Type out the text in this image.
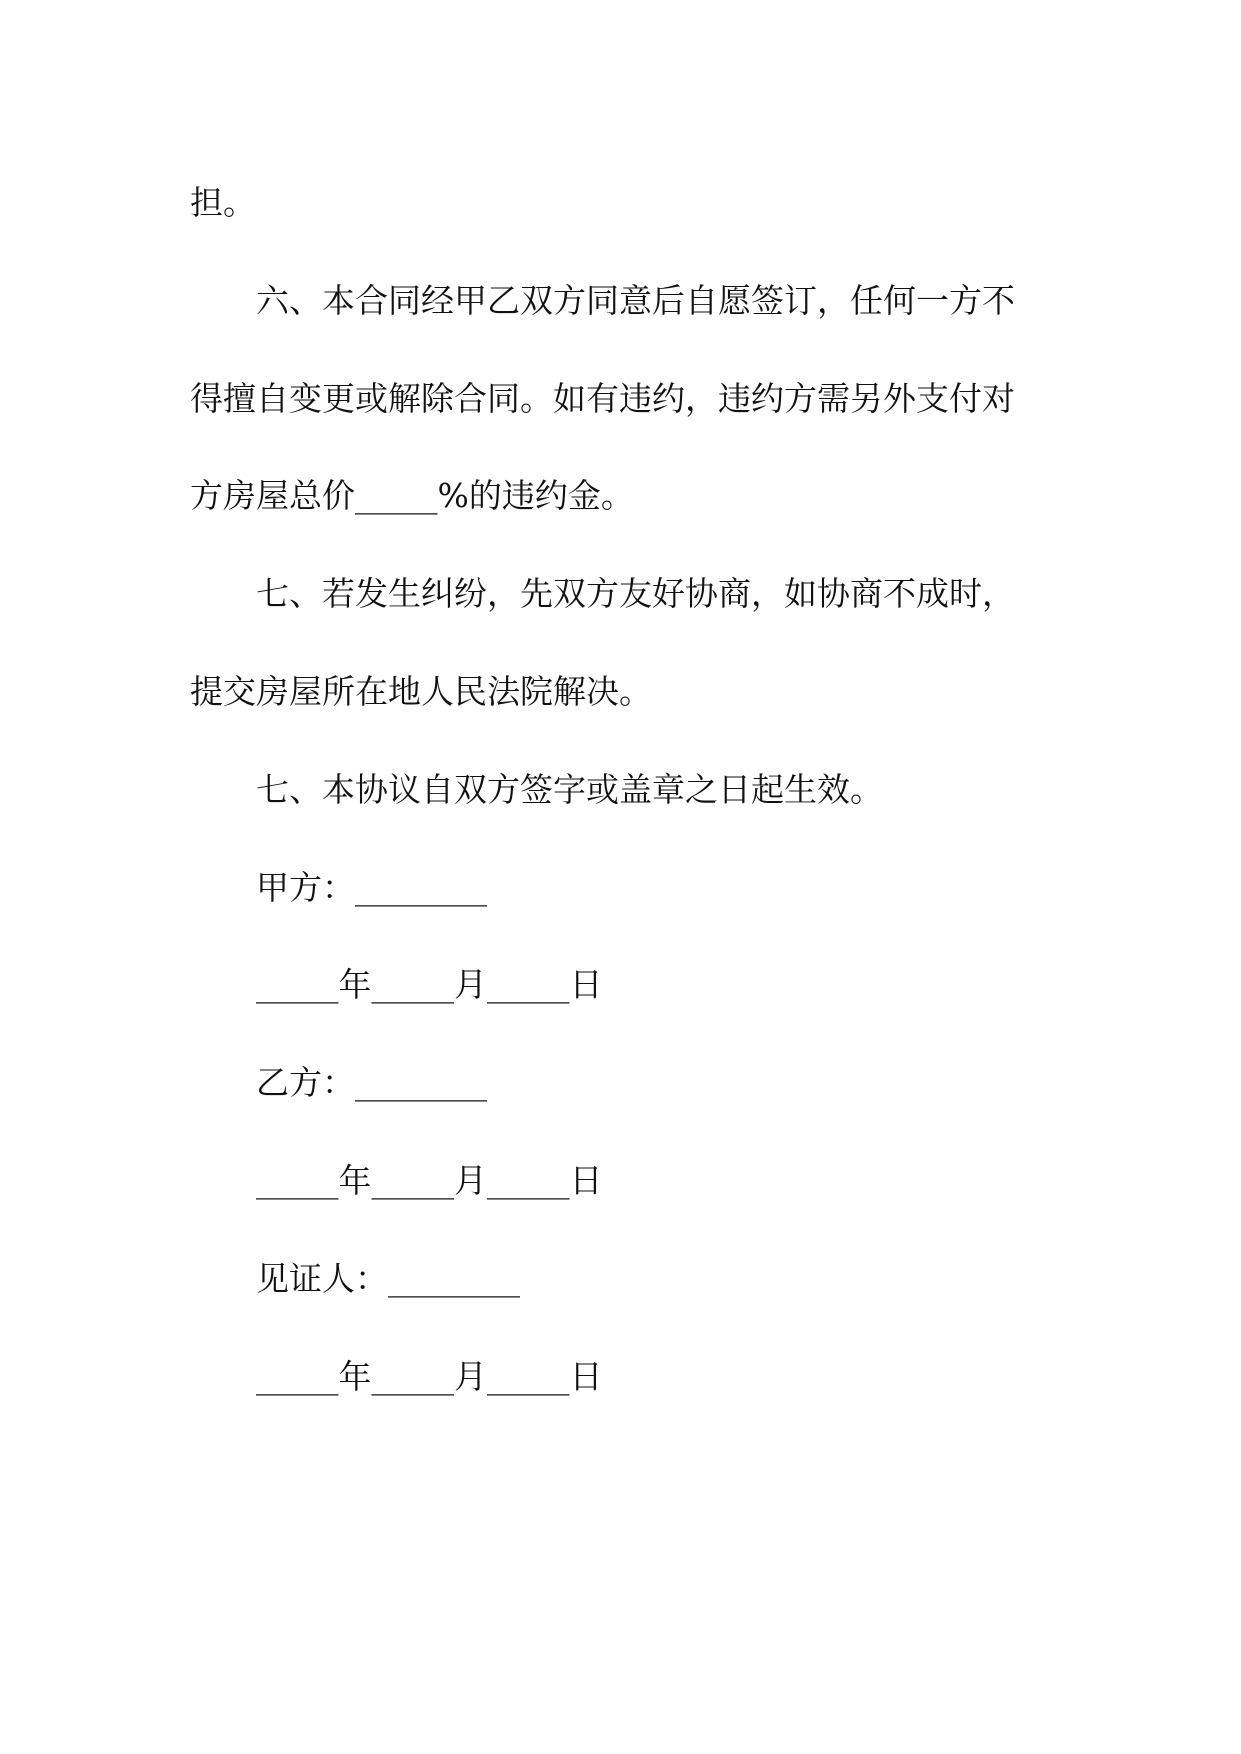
担。
六、本合同经甲乙双方同意后自愿签订，任何一方不
得擅自变更或解除合同。如有违约，违约方需另外支付对
方房屋总价_____%的违约金。
七、若发生纠纷，先双方友好协商，如协商不成时，
提交房屋所在地人民法院解决。
七、本协议自双方签字或盖章之日起生效。
甲方：________
_____年_____月_____日
乙方：________
_____年_____月_____日
见证人：________
_____年_____月_____日
